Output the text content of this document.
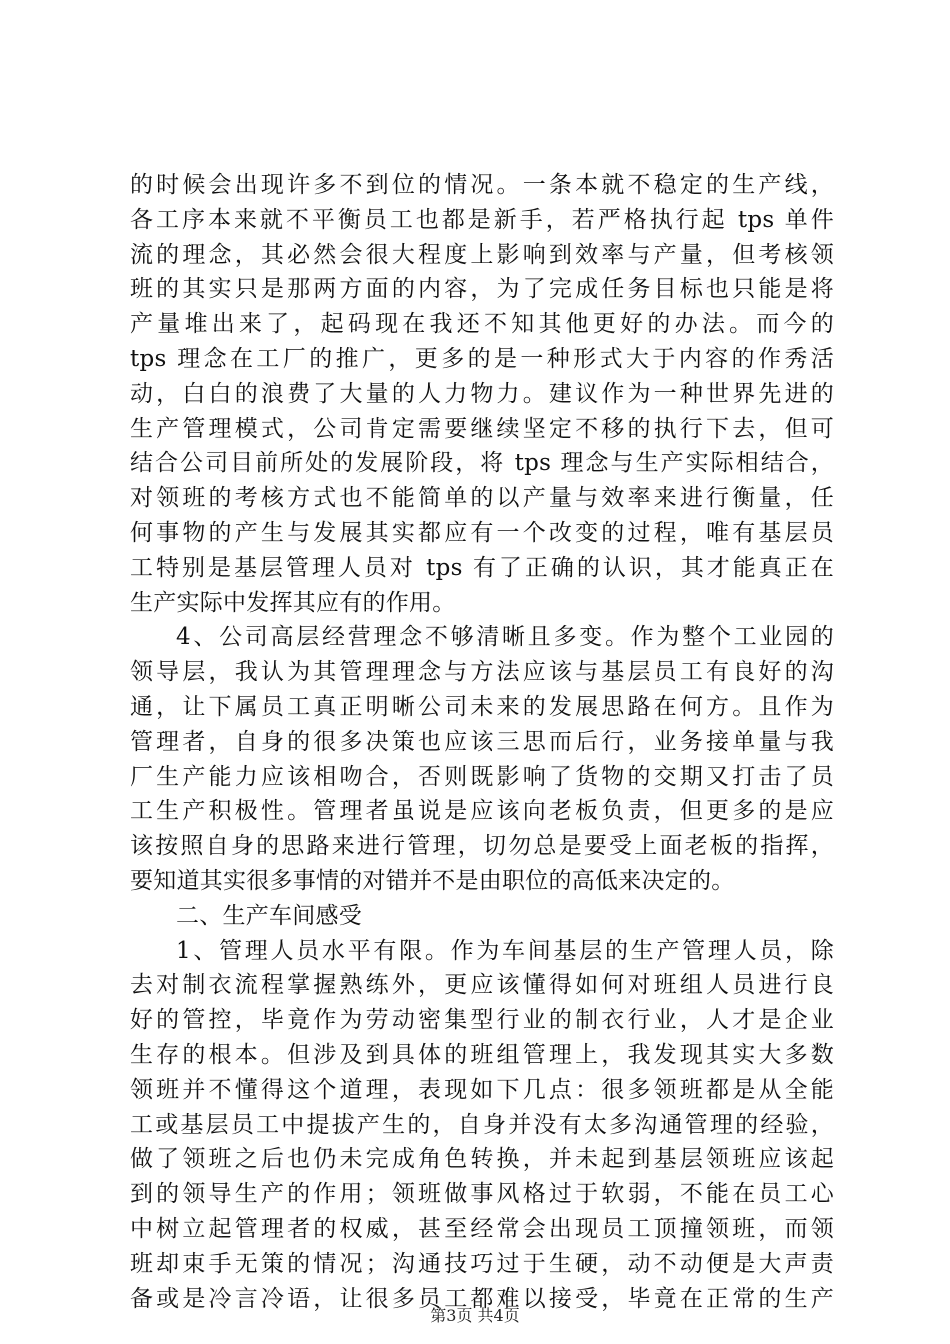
的时候会出现许多不到位的情况。一条本就不稳定的生产线，
各工序本来就不平衡员工也都是新手，若严格执行起 tps 单件
流的理念，其必然会很大程度上影响到效率与产量，但考核领
班的其实只是那两方面的内容，为了完成任务目标也只能是将
产量堆出来了，起码现在我还不知其他更好的办法。而今的
tps 理念在工厂的推广，更多的是一种形式大于内容的作秀活
动，白白的浪费了大量的人力物力。建议作为一种世界先进的
生产管理模式，公司肯定需要继续坚定不移的执行下去，但可
结合公司目前所处的发展阶段，将 tps 理念与生产实际相结合，
对领班的考核方式也不能简单的以产量与效率来进行衡量，任
何事物的产生与发展其实都应有一个改变的过程，唯有基层员
工特别是基层管理人员对 tps 有了正确的认识，其才能真正在
生产实际中发挥其应有的作用。
4、公司高层经营理念不够清晰且多变。作为整个工业园的
领导层，我认为其管理理念与方法应该与基层员工有良好的沟
通，让下属员工真正明晰公司未来的发展思路在何方。且作为
管理者，自身的很多决策也应该三思而后行，业务接单量与我
厂生产能力应该相吻合，否则既影响了货物的交期又打击了员
工生产积极性。管理者虽说是应该向老板负责，但更多的是应
该按照自身的思路来进行管理，切勿总是要受上面老板的指挥，
要知道其实很多事情的对错并不是由职位的高低来决定的。
二、生产车间感受
1、管理人员水平有限。作为车间基层的生产管理人员，除
去对制衣流程掌握熟练外，更应该懂得如何对班组人员进行良
好的管控，毕竟作为劳动密集型行业的制衣行业，人才是企业
生存的根本。但涉及到具体的班组管理上，我发现其实大多数
领班并不懂得这个道理，表现如下几点：很多领班都是从全能
工或基层员工中提拔产生的，自身并没有太多沟通管理的经验，
做了领班之后也仍未完成角色转换，并未起到基层领班应该起
到的领导生产的作用；领班做事风格过于软弱，不能在员工心
中树立起管理者的权威，甚至经常会出现员工顶撞领班，而领
班却束手无策的情况；沟通技巧过于生硬，动不动便是大声责
备或是冷言冷语，让很多员工都难以接受，毕竟在正常的生产
第3页 共4页
